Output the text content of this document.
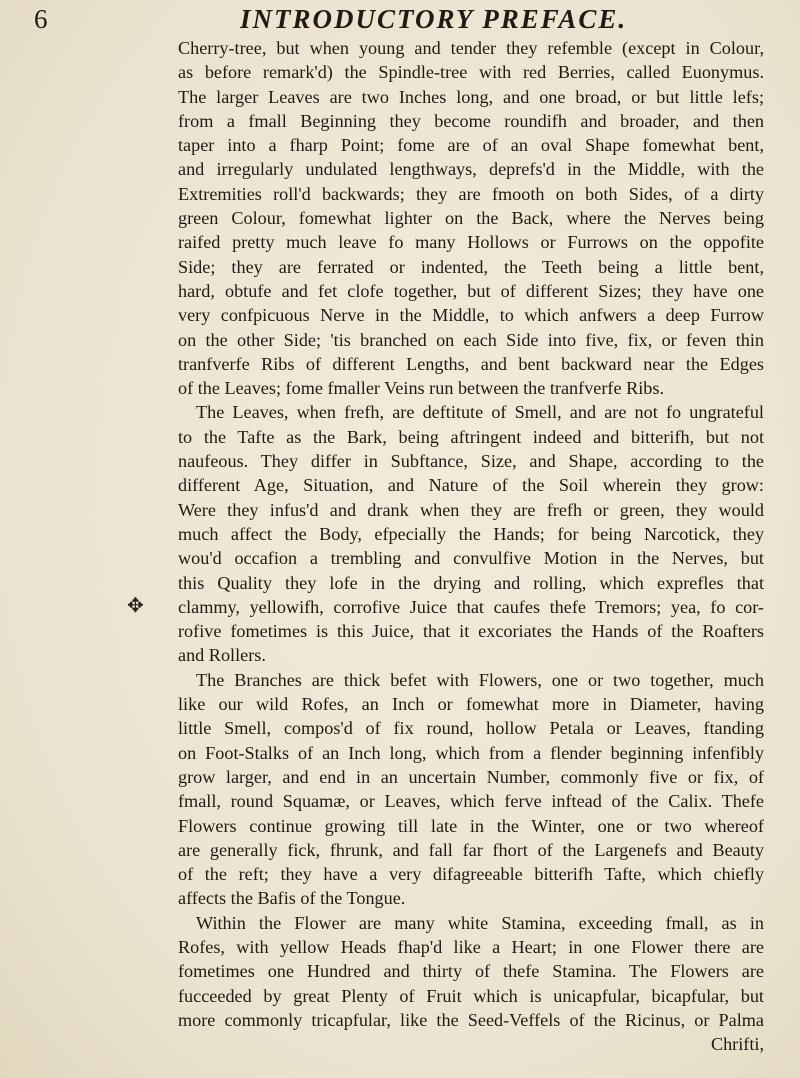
6	INTRODUCTORY PREFACE.
✥
Cherry-tree, but when young and tender they refemble (except in Colour,
as before remark'd) the Spindle-tree with red Berries, called Euonymus.
The larger Leaves are two Inches long, and one broad, or but little lefs;
from a fmall Beginning they become roundifh and broader, and then
taper into a fharp Point; fome are of an oval Shape fomewhat bent,
and irregularly undulated lengthways, deprefs'd in the Middle, with the
Extremities roll'd backwards; they are fmooth on both Sides, of a dirty
green Colour, fomewhat lighter on the Back, where the Nerves being
raifed pretty much leave fo many Hollows or Furrows on the oppofite
Side; they are ferrated or indented, the Teeth being a little bent,
hard, obtufe and fet clofe together, but of different Sizes; they have one
very confpicuous Nerve in the Middle, to which anfwers a deep Furrow
on the other Side; 'tis branched on each Side into five, fix, or feven thin
tranfverfe Ribs of different Lengths, and bent backward near the Edges
of the Leaves; fome fmaller Veins run between the tranfverfe Ribs.
The Leaves, when frefh, are deftitute of Smell, and are not fo ungrateful
to the Tafte as the Bark, being aftringent indeed and bitterifh, but not
naufeous. They differ in Subftance, Size, and Shape, according to the
different Age, Situation, and Nature of the Soil wherein they grow:
Were they infus'd and drank when they are frefh or green, they would
much affect the Body, efpecially the Hands; for being Narcotick, they
wou'd occafion a trembling and convulfive Motion in the Nerves, but
this Quality they lofe in the drying and rolling, which exprefles that
clammy, yellowifh, corrofive Juice that caufes thefe Tremors; yea, fo cor-
rofive fometimes is this Juice, that it excoriates the Hands of the Roafters
and Rollers.
The Branches are thick befet with Flowers, one or two together, much
like our wild Rofes, an Inch or fomewhat more in Diameter, having
little Smell, compos'd of fix round, hollow Petala or Leaves, ftanding
on Foot-Stalks of an Inch long, which from a flender beginning infenfibly
grow larger, and end in an uncertain Number, commonly five or fix, of
fmall, round Squamæ, or Leaves, which ferve inftead of the Calix. Thefe
Flowers continue growing till late in the Winter, one or two whereof
are generally fick, fhrunk, and fall far fhort of the Largenefs and Beauty
of the reft; they have a very difagreeable bitterifh Tafte, which chiefly
affects the Bafis of the Tongue.
Within the Flower are many white Stamina, exceeding fmall, as in
Rofes, with yellow Heads fhap'd like a Heart; in one Flower there are
fometimes one Hundred and thirty of thefe Stamina. The Flowers are
fucceeded by great Plenty of Fruit which is unicapfular, bicapfular, but
more commonly tricapfular, like the Seed-Veffels of the Ricinus, or Palma
Chrifti,
